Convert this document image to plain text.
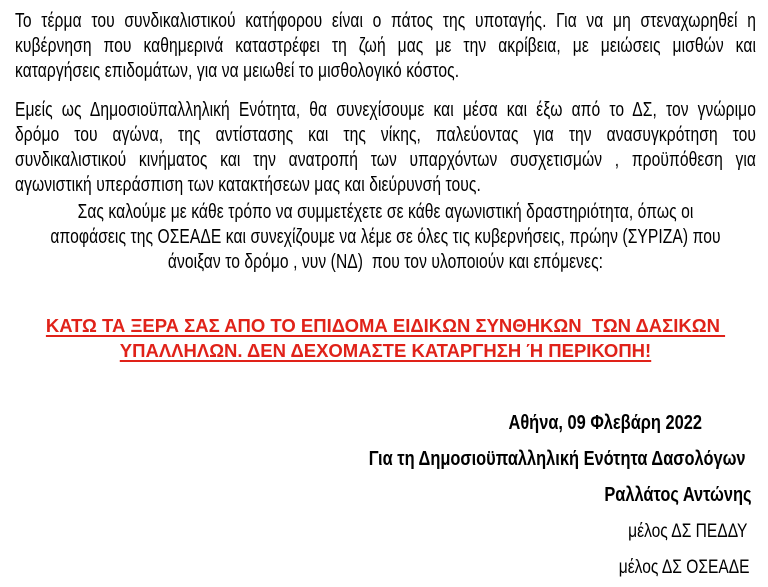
Το τέρμα του συνδικαλιστικού κατήφορου είναι ο πάτος της υποταγής. Για να μη στεναχωρηθεί η
κυβέρνηση που καθημερινά καταστρέφει τη ζωή μας με την ακρίβεια, με μειώσεις μισθών και
καταργήσεις επιδομάτων, για να μειωθεί το μισθολογικό κόστος.
Εμείς ως Δημοσιοϋπαλληλική Ενότητα, θα συνεχίσουμε και μέσα και έξω από το ΔΣ, τον γνώριμο
δρόμο του αγώνα, της αντίστασης και της νίκης, παλεύοντας για την ανασυγκρότηση του
συνδικαλιστικού κινήματος και την ανατροπή των υπαρχόντων συσχετισμών , προϋπόθεση για
αγωνιστική υπεράσπιση των κατακτήσεων μας και διεύρυνσή τους.
Σας καλούμε με κάθε τρόπο να συμμετέχετε σε κάθε αγωνιστική δραστηριότητα, όπως οι
αποφάσεις της ΟΣΕΑΔΕ και συνεχίζουμε να λέμε σε όλες τις κυβερνήσεις, πρώην (ΣΥΡΙΖΑ) που
άνοιξαν το δρόμο , νυν (ΝΔ)  που τον υλοποιούν και επόμενες:
ΚΑΤΩ ΤΑ ΞΕΡΑ ΣΑΣ ΑΠΟ ΤΟ ΕΠΙΔΟΜΑ ΕΙΔΙΚΩΝ ΣΥΝΘΗΚΩΝ  ΤΩΝ ΔΑΣΙΚΩΝ
ΥΠΑΛΛΗΛΩΝ. ΔΕΝ ΔΕΧΟΜΑΣΤΕ ΚΑΤΑΡΓΗΣΗ Ή ΠΕΡΙΚΟΠΗ!
Αθήνα, 09 Φλεβάρη 2022
Για τη Δημοσιοϋπαλληλική Ενότητα Δασολόγων
Ραλλάτος Αντώνης
μέλος ΔΣ ΠΕΔΔΥ
μέλος ΔΣ ΟΣΕΑΔΕ
